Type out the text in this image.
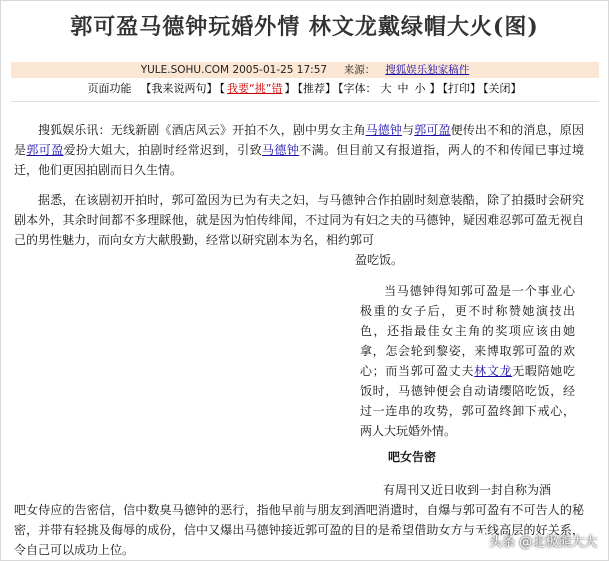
郭可盈马德钟玩婚外情 林文龙戴绿帽大火(图)
YULE.SOHU.COM 2005-01-25 17:57 来源： 搜狐娱乐独家稿件
页面功能 【我来说两句】 【 我要“挑”错 】 【推荐】 【字体： 大 中 小 】 【打印】 【关闭】

搜狐娱乐讯：无线新剧《酒店风云》开拍不久，剧中男女主角马德钟与郭可盈便传出不和的消息，原因是郭可盈爱扮大姐大，拍剧时经常迟到，引致马德钟不满。但目前又有报道指，两人的不和传闻已事过境迁，他们更因拍剧而日久生情。

据悉，在该剧初开拍时，郭可盈因为已为有夫之妇，与马德钟合作拍剧时刻意装酷，除了拍摄时会研究剧本外，其余时间都不多理睬他，就是因为怕传绯闻，不过同为有妇之夫的马德钟，疑因难忍郭可盈无视自己的男性魅力，而向女方大献殷勤，经常以研究剧本为名，相约郭可

盈吃饭。

当马德钟得知郭可盈是一个事业心极重的女子后，更不时称赞她演技出色，还指最佳女主角的奖项应该由她拿，怎会轮到黎姿，来博取郭可盈的欢心；而当郭可盈丈夫林文龙无暇陪她吃饭时，马德钟便会自动请缨陪吃饭，经过一连串的攻势，郭可盈终卸下戒心，两人大玩婚外情。

吧女告密

有周刊又近日收到一封自称为酒

吧女侍应的告密信，信中数臭马德钟的恶行，指他早前与朋友到酒吧消遣时，自爆与郭可盈有不可告人的秘密，并带有轻挑及侮辱的成份，信中又爆出马德钟接近郭可盈的目的是希望借助女方与无线高层的好关系，令自己可以成功上位。	头条 @北极熊大大
